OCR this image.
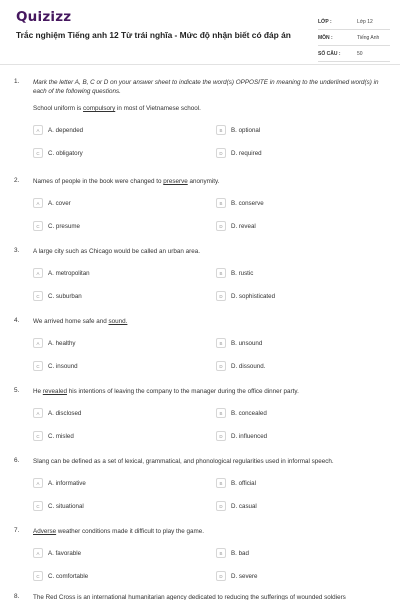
Quizizz
Trắc nghiệm Tiếng anh 12 Từ trái nghĩa - Mức độ nhận biết có đáp án
LỚP :	Lớp 12
MÔN :	Tiếng Anh
SỐ CÂU :	50
1. Mark the letter A, B, C or D on your answer sheet to indicate the word(s) OPPOSITE in meaning to the underlined word(s) in each of the following questions.
School uniform is compulsory in most of Vietnamese school.
A	A. depended	B	B. optional
C	C. obligatory	D	D. required
2. Names of people in the book were changed to preserve anonymity.
A	A. cover	B	B. conserve
C	C. presume	D	D. reveal
3. A large city such as Chicago would be called an urban area.
A	A. metropolitan	B	B. rustic
C	C. suburban	D	D. sophisticated
4. We arrived home safe and sound.
A	A. healthy	B	B. unsound
C	C. insound	D	D. dissound.
5. He revealed his intentions of leaving the company to the manager during the office dinner party.
A	A. disclosed	B	B. concealed
C	C. misled	D	D. influenced
6. Slang can be defined as a set of lexical, grammatical, and phonological regularities used in informal speech.
A	A. informative	B	B. official
C	C. situational	D	D. casual
7. Adverse weather conditions made it difficult to play the game.
A	A. favorable	B	B. bad
C	C. comfortable	D	D. severe
8.	The Red Cross is an international humanitarian agency dedicated to reducing the sufferings of wounded soldiers
